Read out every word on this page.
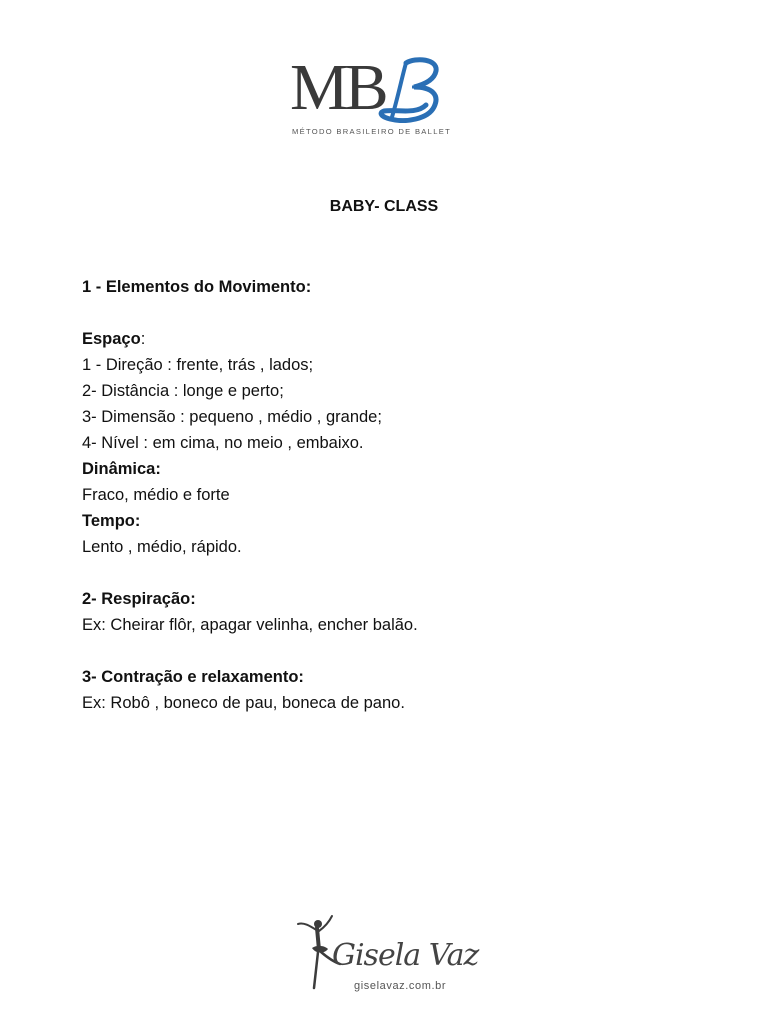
MB
MÉTODO BRASILEIRO DE BALLET
BABY- CLASS

1 - Elementos do Movimento:

Espaço:

1 - Direção : frente, trás , lados;

2- Distância : longe e perto;

3- Dimensão : pequeno , médio , grande;

4- Nível : em cima, no meio , embaixo.

Dinâmica:

Fraco, médio e forte

Tempo:

Lento , médio, rápido.

2- Respiração:

Ex: Cheirar flôr, apagar velinha, encher balão.

3- Contração e relaxamento:

Ex: Robô , boneco de pau, boneca de pano.

Gisela Vaz
giselavaz.com.br
